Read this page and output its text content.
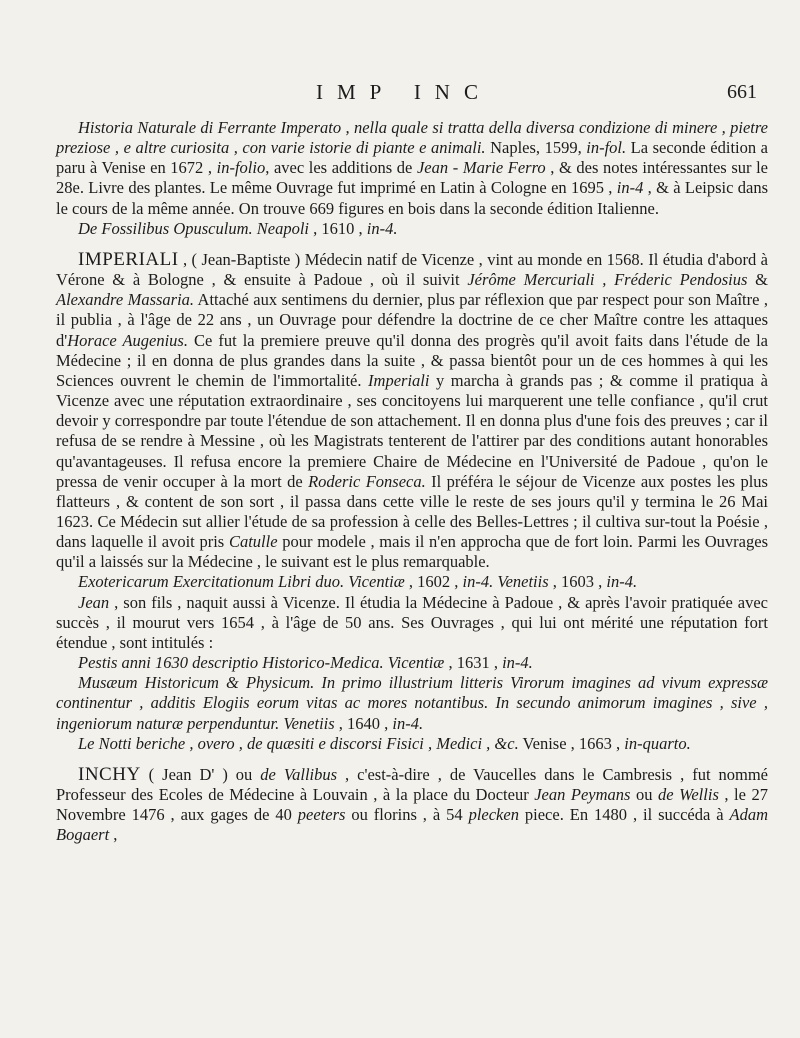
IMP INC	661

Historia Naturale di Ferrante Imperato , nella quale si tratta della diversa condizione di minere , pietre preziose , e altre curiosita , con varie istorie di piante e animali. Naples, 1599, in-fol. La seconde édition a paru à Venise en 1672 , in-folio, avec les additions de Jean - Marie Ferro , & des notes intéressantes sur le 28e. Livre des plantes. Le même Ouvrage fut imprimé en Latin à Cologne en 1695 , in-4 , & à Leipsic dans le cours de la même année. On trouve 669 figures en bois dans la seconde édition Italienne.

De Fossilibus Opusculum. Neapoli , 1610 , in-4.

IMPERIALI , ( Jean-Baptiste ) Médecin natif de Vicenze , vint au monde en 1568. Il étudia d'abord à Vérone & à Bologne , & ensuite à Padoue , où il suivit Jérôme Mercuriali , Fréderic Pendosius & Alexandre Massaria. Attaché aux sentimens du dernier, plus par réflexion que par respect pour son Maître , il publia , à l'âge de 22 ans , un Ouvrage pour défendre la doctrine de ce cher Maître contre les attaques d'Horace Augenius. Ce fut la premiere preuve qu'il donna des progrès qu'il avoit faits dans l'étude de la Médecine ; il en donna de plus grandes dans la suite , & passa bientôt pour un de ces hommes à qui les Sciences ouvrent le chemin de l'immortalité. Imperiali y marcha à grands pas ; & comme il pratiqua à Vicenze avec une réputation extraordinaire , ses concitoyens lui marquerent une telle confiance , qu'il crut devoir y correspondre par toute l'étendue de son attachement. Il en donna plus d'une fois des preuves ; car il refusa de se rendre à Messine , où les Magistrats tenterent de l'attirer par des conditions autant honorables qu'avantageuses. Il refusa encore la premiere Chaire de Médecine en l'Université de Padoue , qu'on le pressa de venir occuper à la mort de Roderic Fonseca. Il préféra le séjour de Vicenze aux postes les plus flatteurs , & content de son sort , il passa dans cette ville le reste de ses jours qu'il y termina le 26 Mai 1623. Ce Médecin sut allier l'étude de sa profession à celle des Belles-Lettres ; il cultiva sur-tout la Poésie , dans laquelle il avoit pris Catulle pour modele , mais il n'en approcha que de fort loin. Parmi les Ouvrages qu'il a laissés sur la Médecine , le suivant est le plus remarquable.

Exotericarum Exercitationum Libri duo. Vicentiæ , 1602 , in-4. Venetiis , 1603 , in-4.

Jean , son fils , naquit aussi à Vicenze. Il étudia la Médecine à Padoue , & après l'avoir pratiquée avec succès , il mourut vers 1654 , à l'âge de 50 ans. Ses Ouvrages , qui lui ont mérité une réputation fort étendue , sont intitulés :

Pestis anni 1630 descriptio Historico-Medica. Vicentiæ , 1631 , in-4.

Musæum Historicum & Physicum. In primo illustrium litteris Virorum imagines ad vivum expressæ continentur , additis Elogiis eorum vitas ac mores notantibus. In secundo animorum imagines , sive , ingeniorum naturæ perpenduntur. Venetiis , 1640 , in-4.

Le Notti beriche , overo , de quæsiti e discorsi Fisici , Medici , &c. Venise , 1663 , in-quarto.

INCHY ( Jean D' ) ou de Vallibus , c'est-à-dire , de Vaucelles dans le Cambresis , fut nommé Professeur des Ecoles de Médecine à Louvain , à la place du Docteur Jean Peymans ou de Wellis , le 27 Novembre 1476 , aux gages de 40 peeters ou florins , à 54 plecken piece. En 1480 , il succéda à Adam Bogaert ,
